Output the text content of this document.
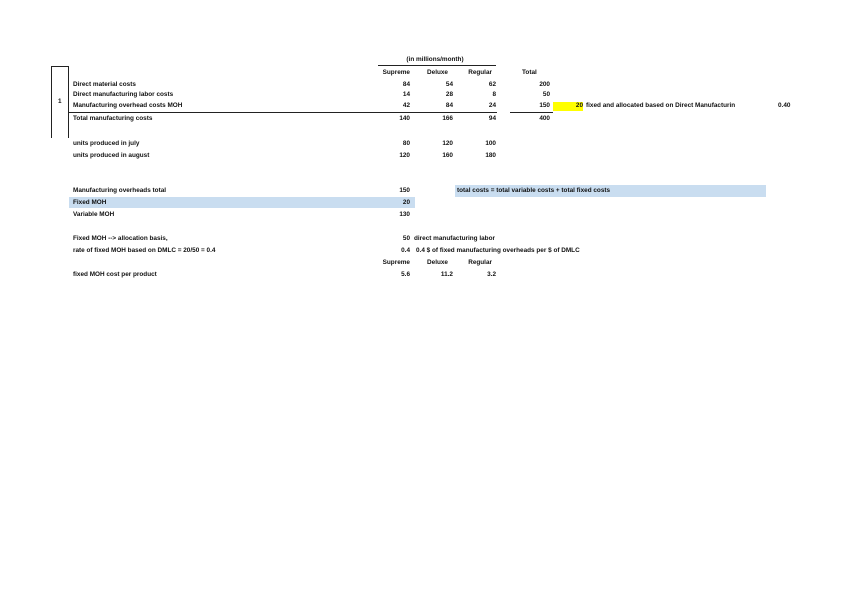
1
(in millions/month)
Supreme	Deluxe	Regular	Total
Direct material costs	84	54	62	200
Direct manufacturing labor costs	14	28	8	50
Manufacturing overhead costs MOH	42	84	24	150	20 fixed and allocated based on Direct Manufacturin	0.40
Total manufacturing costs	140	166	94	400
units produced in july	80	120	100
units produced in august	120	160	180
Manufacturing overheads total	150	total costs = total variable costs + total fixed costs
Fixed MOH	20
Variable MOH	130
Fixed MOH --> allocation basis,	50 direct manufacturing labor
rate of fixed MOH based on DMLC = 20/50 = 0.4	0.4 0.4 $ of fixed manufacturing overheads per $ of DMLC
Supreme	Deluxe	Regular
fixed MOH cost per product	5.6	11.2	3.2
